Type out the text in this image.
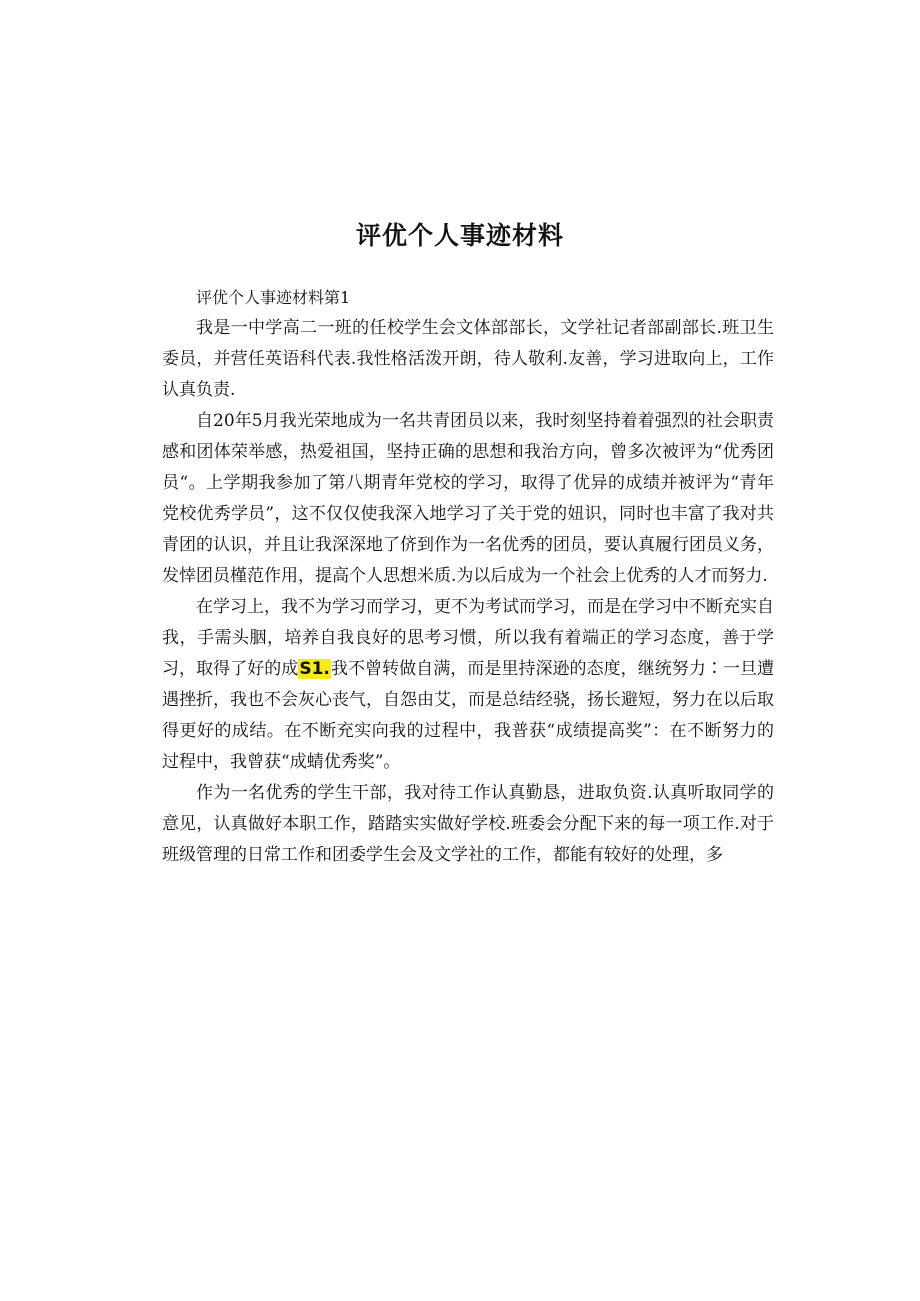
评优个人事迹材料

评优个人事迹材料第1

我是一中学高二一班的任校学生会文体部部长，文学社记者部副部长.班卫生委员，并营任英语科代表.我性格活泼开朗，待人敬利.友善，学习进取向上，工作认真负责.

自20年5月我光荣地成为一名共青团员以来，我时刻坚持着着强烈的社会职责感和团体荣举感，热爱祖国，坚持正确的思想和我治方向，曾多次被评为“优秀团员“。上学期我参加了第八期青年党校的学习，取得了优异的成绩并被评为“青年党校优秀学员”，这不仅仅使我深入地学习了关于党的妞识，同时也丰富了我对共青团的认识，并且让我深深地了侪到作为一名优秀的团员，要认真履行团员义务，发悻团员槿范作用，提高个人思想米质.为以后成为一个社会上优秀的人才而努力.

在学习上，我不为学习而学习，更不为考试而学习，而是在学习中不断充实自我，手需头胭，培养自我良好的思考习惯，所以我有着端正的学习态度，善于学习，取得了好的成S1.我不曾转做自满，而是里持深逊的态度，继统努力∶一旦遭遇挫折，我也不会灰心丧气，自怨由艾，而是总结经骁，扬长避短，努力在以后取得更好的成结。在不断充实向我的过程中，我普获“成绩提高奖”：在不断努力的过程中，我曾获“成蜻优秀奖”。

作为一名优秀的学生干部，我对待工作认真勤恳，进取负资.认真听取同学的意见，认真做好本职工作，踏踏实实做好学校.班委会分配下来的每一项工作.对于班级管理的日常工作和团委学生会及文学社的工作，都能有较好的处理，多
